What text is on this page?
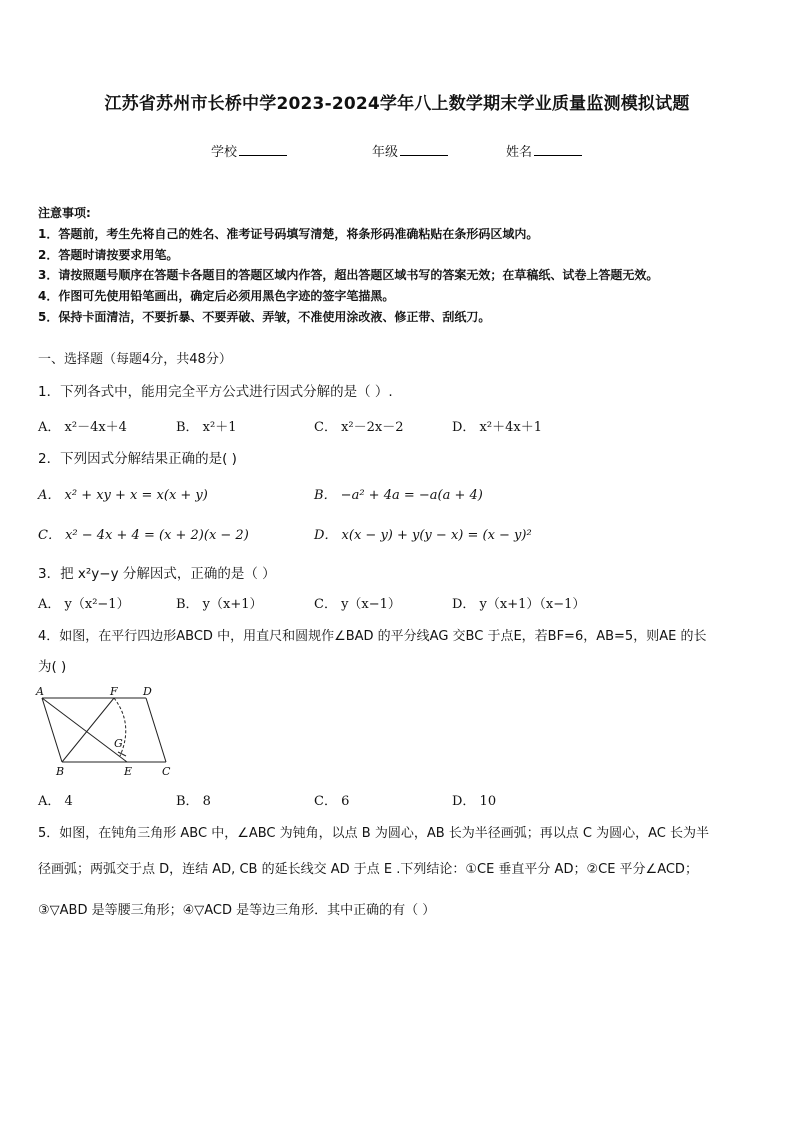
江苏省苏州市长桥中学2023-2024学年八上数学期末学业质量监测模拟试题
学校	年级	姓名
注意事项:
1．答题前，考生先将自己的姓名、准考证号码填写清楚，将条形码准确粘贴在条形码区域内。
2．答题时请按要求用笔。
3．请按照题号顺序在答题卡各题目的答题区域内作答，超出答题区域书写的答案无效；在草稿纸、试卷上答题无效。
4．作图可先使用铅笔画出，确定后必须用黑色字迹的签字笔描黑。
5．保持卡面清洁，不要折暴、不要弄破、弄皱，不准使用涂改液、修正带、刮纸刀。
一、选择题（每题4分，共48分）
1．下列各式中，能用完全平方公式进行因式分解的是（ ）.
A． x²－4x＋4	B． x²＋1	C． x²－2x－2	D． x²＋4x＋1
2．下列因式分解结果正确的是( )
A． x² + xy + x = x(x + y)	B． −a² + 4a = −a(a + 4)
C． x² − 4x + 4 = (x + 2)(x − 2)	D． x(x − y) + y(y − x) = (x − y)²
3．把 x²y−y 分解因式，正确的是（ ）
A． y（x²−1）	B． y（x+1）	C． y（x−1）	D． y（x+1）（x−1）
4．如图，在平行四边形ABCD 中，用直尺和圆规作∠BAD 的平分线AG 交BC 于点E，若BF=6，AB=5，则AE 的长
为( )
A	F D
G
B	E	C
A． 4	B． 8	C． 6	D． 10
5．如图，在钝角三角形 ABC 中，∠ABC 为钝角，以点 B 为圆心，AB 长为半径画弧；再以点 C 为圆心，AC 长为半
径画弧；两弧交于点 D，连结 AD, CB 的延长线交 AD 于点 E .下列结论：①CE 垂直平分 AD；②CE 平分∠ACD；
③▽ABD 是等腰三角形；④▽ACD 是等边三角形．其中正确的有（ ）
